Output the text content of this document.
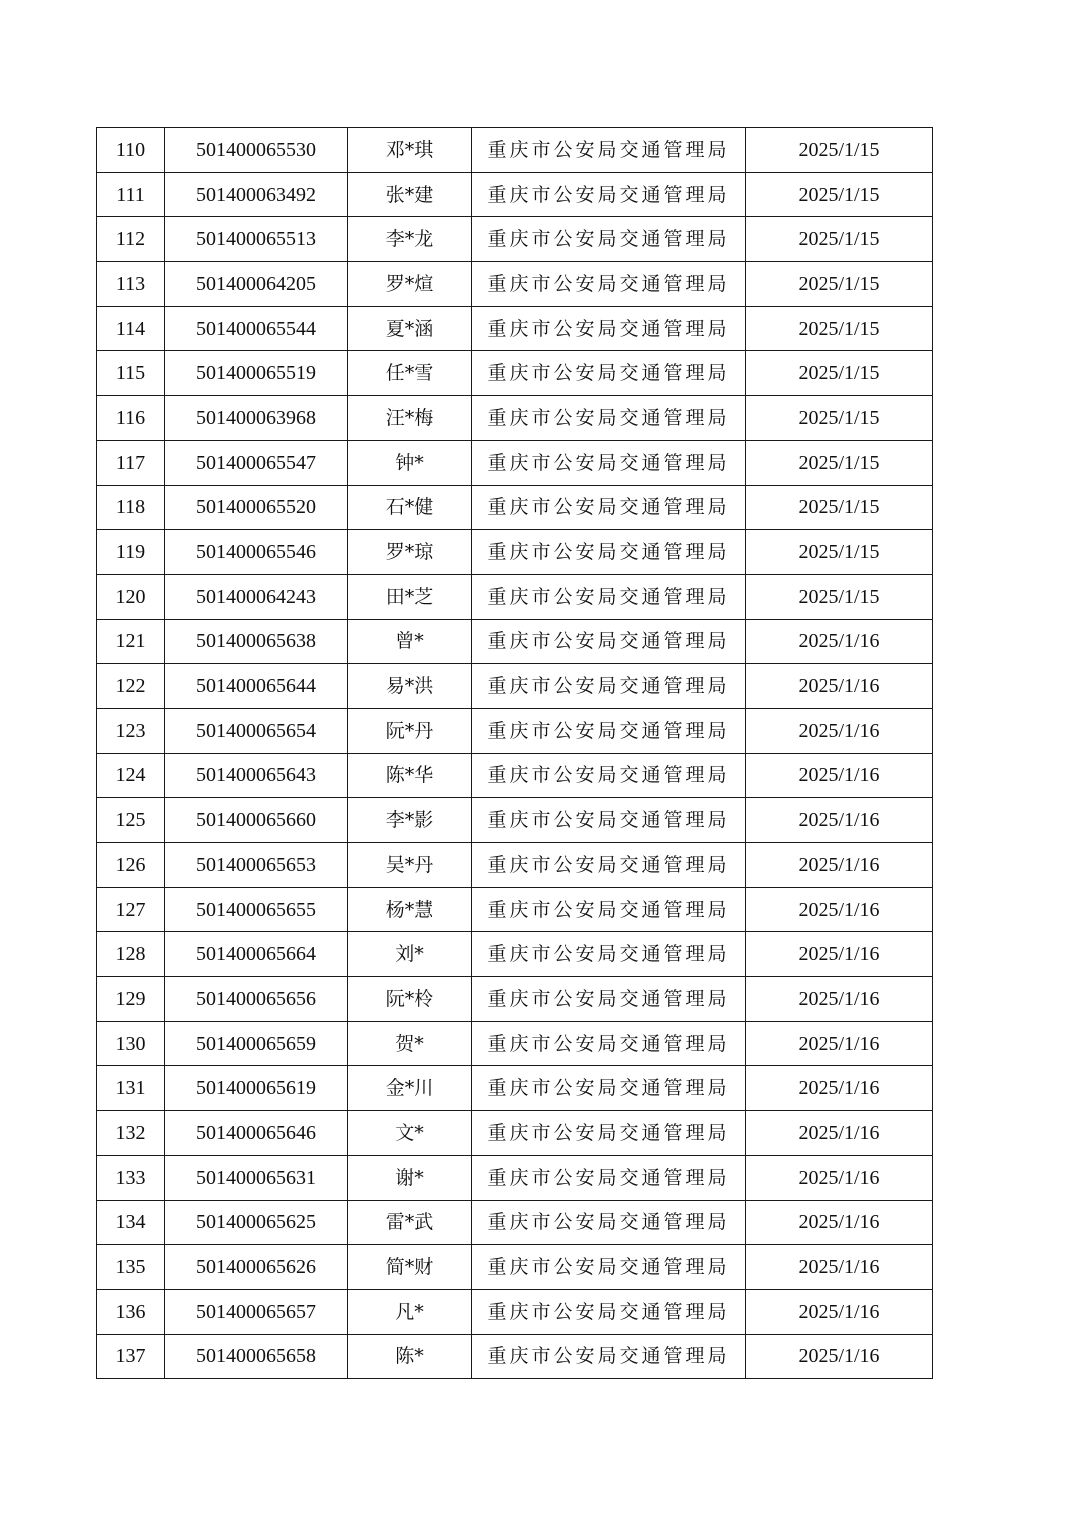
110	501400065530	邓*琪	重庆市公安局交通管理局	2025/1/15
111	501400063492	张*建	重庆市公安局交通管理局	2025/1/15
112	501400065513	李*龙	重庆市公安局交通管理局	2025/1/15
113	501400064205	罗*煊	重庆市公安局交通管理局	2025/1/15
114	501400065544	夏*涵	重庆市公安局交通管理局	2025/1/15
115	501400065519	任*雪	重庆市公安局交通管理局	2025/1/15
116	501400063968	汪*梅	重庆市公安局交通管理局	2025/1/15
117	501400065547	钟*	重庆市公安局交通管理局	2025/1/15
118	501400065520	石*健	重庆市公安局交通管理局	2025/1/15
119	501400065546	罗*琼	重庆市公安局交通管理局	2025/1/15
120	501400064243	田*芝	重庆市公安局交通管理局	2025/1/15
121	501400065638	曾*	重庆市公安局交通管理局	2025/1/16
122	501400065644	易*洪	重庆市公安局交通管理局	2025/1/16
123	501400065654	阮*丹	重庆市公安局交通管理局	2025/1/16
124	501400065643	陈*华	重庆市公安局交通管理局	2025/1/16
125	501400065660	李*影	重庆市公安局交通管理局	2025/1/16
126	501400065653	吴*丹	重庆市公安局交通管理局	2025/1/16
127	501400065655	杨*慧	重庆市公安局交通管理局	2025/1/16
128	501400065664	刘*	重庆市公安局交通管理局	2025/1/16
129	501400065656	阮*柃	重庆市公安局交通管理局	2025/1/16
130	501400065659	贺*	重庆市公安局交通管理局	2025/1/16
131	501400065619	金*川	重庆市公安局交通管理局	2025/1/16
132	501400065646	文*	重庆市公安局交通管理局	2025/1/16
133	501400065631	谢*	重庆市公安局交通管理局	2025/1/16
134	501400065625	雷*武	重庆市公安局交通管理局	2025/1/16
135	501400065626	简*财	重庆市公安局交通管理局	2025/1/16
136	501400065657	凡*	重庆市公安局交通管理局	2025/1/16
137	501400065658	陈*	重庆市公安局交通管理局	2025/1/16
